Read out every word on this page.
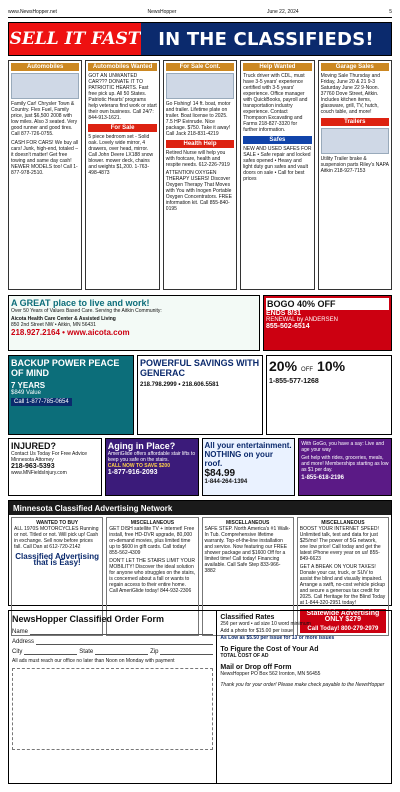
www.NewsHopper.net	NewsHopper	June 22, 2024	5
SELL IT FAST IN THE CLASSIFIEDS!
Automobiles
Family Car! Chrysler Town & Country. Flex Fuel, Family price, just $6,500 2008 with low miles. Also 3 seated. Very good runner and good tires. Call 877-726-0755.
CASH FOR CARS! We buy all cars! Junk, high-end, totaled – it doesn't matter! Get free towing and same day cash! NEWER MODELS too! Call 1-877-978-2510.
Automobiles Wanted
GOT AN UNWANTED CAR??? DONATE IT TO PATRIOTIC HEARTS. Fast free pick up. All 50 States. Patriotic Hearts' programs help veterans find work or start their own business. Call 24/7: 844-913-1621.
For Sale
5 piece bedroom set - Solid oak. Lovely wide mirror, 4 drawers, over head, mirror. Call John Deere LX188 snow blower. mower deck, chains and weights $1,200. 1-763-498-4873
For Sale Cont.
Go Fishing! 14 ft. boat, motor and trailer. Lifetime plate on trailer. Boat license to 2025. 7.5 HP Evinrude. Nice package. $750. Take it away! Call Jack 218-831-4219
Health Help
Retired Nurse will help you with footcare, health and respite needs. 612-226-7919
ATTENTION OXYGEN THERAPY USERS! Discover Oxygen Therapy That Moves with You with Inogen Portable Oxygen Concentrators. FREE information kit. Call 855-840-0195
Help Wanted
Truck driver with CDL, must have 3-5 years' experience certified with 3-5 years' experience. Office manager with QuickBooks, payroll and transportation industry experience. Contact Thompson Excavating and Farms 218-827-3320 for further information.
Safes
NEW AND USED SAFES FOR SALE • Safe repair and locked safes opened • Heavy and light duty gun safes and vault doors on sale • Call for best prices
Garage Sales
Moving Sale Thursday and Friday, June 20 & 21 9-3 Saturday June 22 9-Noon. 37760 Dove Street, Aitkin. Includes kitchen items, glassware, grill, TV, hutch, couch table, and more!
Trailers
Utility Trailer brake & suspension parts Riley's NAPA Aitkin 218-927-7153
A GREAT place to live and work!
Over 50 Years of Values Based Care. Serving the Aitkin Community:
Aicota Health Care Center & Assisted Living
850 2nd Street NW • Aitkin, MN 56431
218.927.2164 • www.aicota.com
BOGO 40% OFF
ENDS 8/31
RENEWAL by ANDERSEN
855-502-6514
BACKUP POWER PEACE OF MIND
7 YEARS
$849 Value
Call 1-877-785-0654
POWERFUL SAVINGS WITH GENERAC
218.798.2999 • 218.606.5581
20% OFF 10%
1-855-577-1268
INJURED?
Contact Us Today For Free Advice
Minnesota Attorney
218-963-5393
www.MNFieldsInjury.com
Aging in Place?
AmeriGlide offers affordable stair lifts to keep you safe on the stairs.
CALL NOW TO SAVE $200
1-877-916-2093
All your entertainment. NOTHING on your roof.
$84.99
1-844-264-1394
With GoGo, you have a say: Live and age your way
Get help with rides, groceries, meals, and more! Memberships starting as low as $1 per day.
1-855-618-2196
Minnesota Classified Advertising Network
WANTED TO BUY
ALL 1970S MOTORCYCLES Running or not. Titled or not. Will pick up! Cash in exchange. Sell now before prices fall. Call Dan at 612-720-2142
Classified Advertising that is Easy!
MISCELLANEOUS
GET DISH satellite TV + internet! Free install, free HD-DVR upgrade, 80,000 on-demand movies, plus limited time up to $600 in gift cards. Call today! 855-562-4309
DON'T LET THE STAIRS LIMIT YOUR MOBILITY! Discover the ideal solution for anyone who struggles on the stairs, is concerned about a fall or wants to regain access to their entire home. Call AmeriGlide today! 844-932-2306
MISCELLANEOUS
SAFE STEP. North America's #1 Walk-In Tub. Comprehensive lifetime warranty. Top-of-the-line installation and service. Now featuring our FREE shower package and $1600 Off for a limited time! Call today! Financing available. Call Safe Step 833-966-3882
MISCELLANEOUS
BOOST YOUR INTERNET SPEED! Unlimited talk, text and data for just $25/mo! The power of 5G network, one low price! Call today and get the latest iPhone every year on us! 855-849-6623
GET A BREAK ON YOUR TAXES! Donate your car, truck, or SUV to assist the blind and visually impaired. Arrange a swift, no-cost vehicle pickup and secure a generous tax credit for 2025. Call Heritage for the Blind Today at 1-844-320-2951 today!
Statewide Advertising ONLY $279
Call Today! 800-279-2979
NewsHopper Classified Order Form
Name
Address
City	State	Zip
All ads must reach our office no later than Noon on Monday with payment
Classified Rates
25¢ per word • ad size 10 word minimum
Add a photo for $15.00 per issue
As Low as $5.50 per issue for 13 or more issues
To Figure the Cost of Your Ad
TOTAL COST OF AD
Mail or Drop off Form
NewsHopper PO Box 562 Ironton, MN 56455
Thank you for your order! Please make check payable to the NewsHopper
